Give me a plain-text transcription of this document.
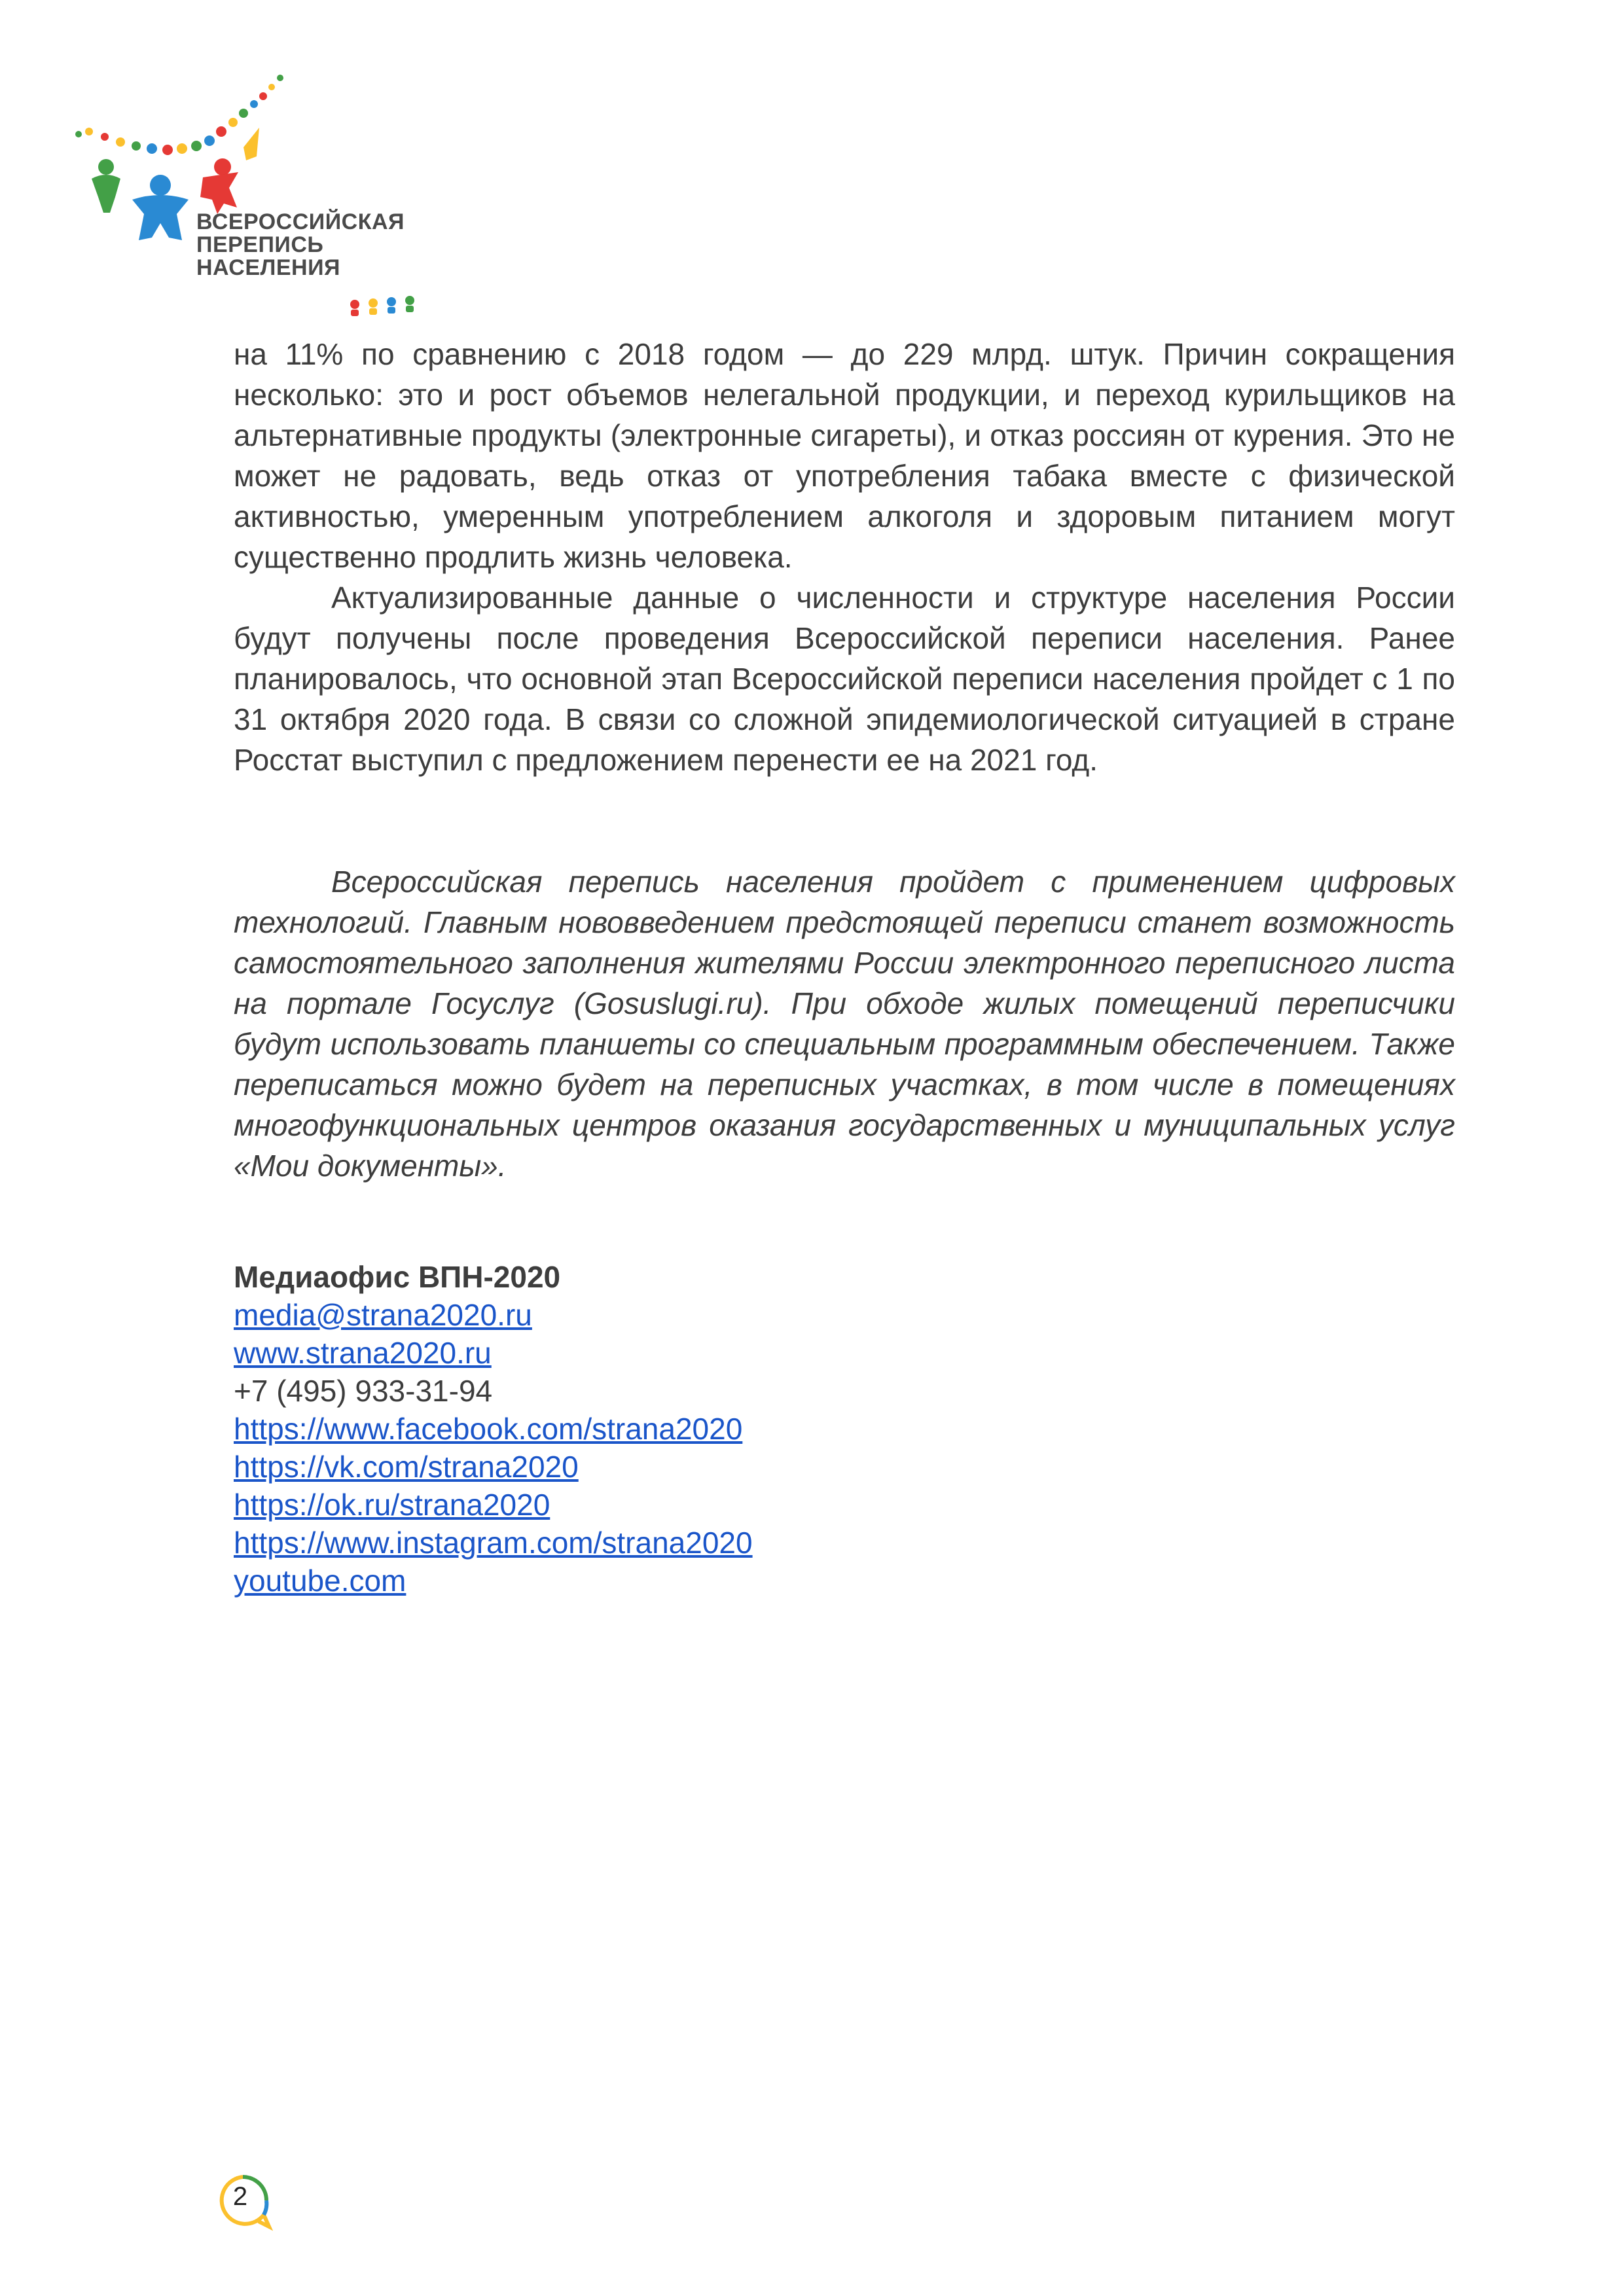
ВСЕРОССИЙСКАЯ
ПЕРЕПИСЬ
НАСЕЛЕНИЯ

на 11% по сравнению с 2018 годом — до 229 млрд. штук. Причин сокращения несколько: это и рост объемов нелегальной продукции, и переход курильщиков на альтернативные продукты (электронные сигареты), и отказ россиян от курения. Это не может не радовать, ведь отказ от употребления табака вместе с физической активностью, умеренным употреблением алкоголя и здоровым питанием могут существенно продлить жизнь человека.

Актуализированные данные о численности и структуре населения России будут получены после проведения Всероссийской переписи населения. Ранее планировалось, что основной этап Всероссийской переписи населения пройдет с 1 по 31 октября 2020 года. В связи со сложной эпидемиологической ситуацией в стране Росстат выступил с предложением перенести ее на 2021 год.

Всероссийская перепись населения пройдет с применением цифровых технологий. Главным нововведением предстоящей переписи станет возможность самостоятельного заполнения жителями России электронного переписного листа на портале Госуслуг (Gosuslugi.ru). При обходе жилых помещений переписчики будут использовать планшеты со специальным программным обеспечением. Также переписаться можно будет на переписных участках, в том числе в помещениях многофункциональных центров оказания государственных и муниципальных услуг «Мои документы».

Медиаофис ВПН-2020
media@strana2020.ru
www.strana2020.ru
+7 (495) 933-31-94
https://www.facebook.com/strana2020
https://vk.com/strana2020
https://ok.ru/strana2020
https://www.instagram.com/strana2020
youtube.com
2
